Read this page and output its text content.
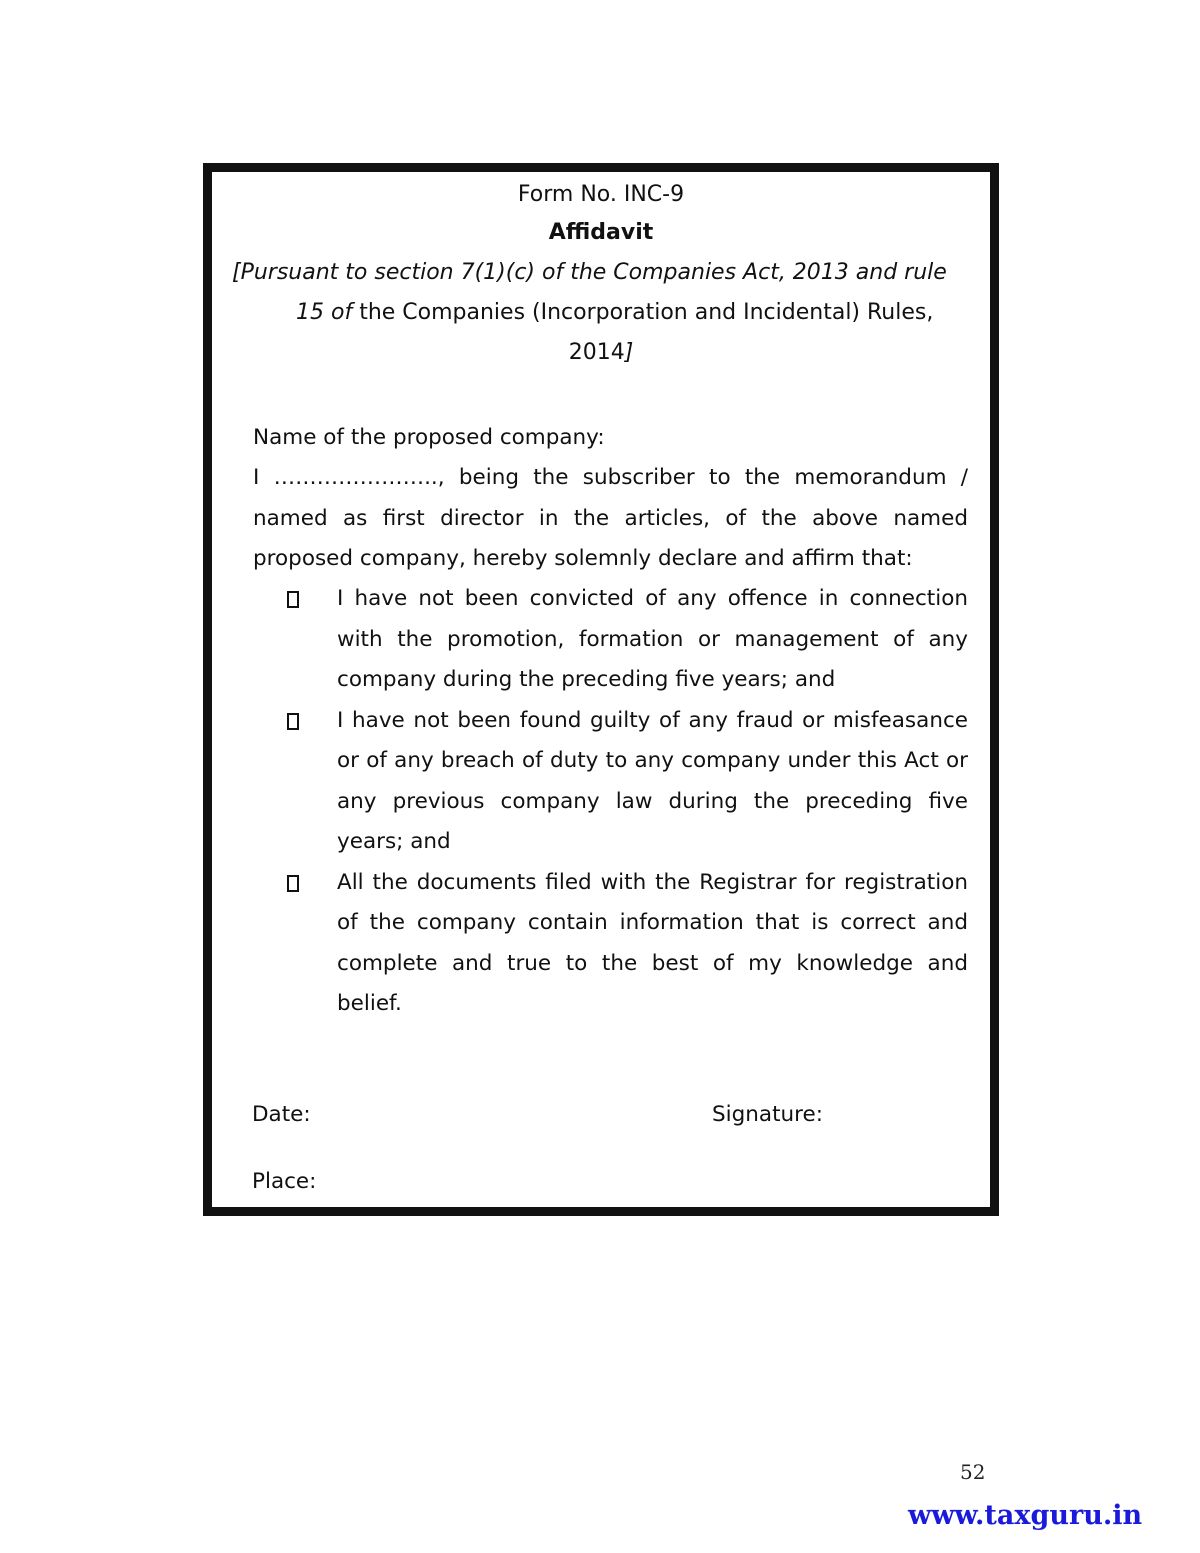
Form No. INC-9
Affidavit
[Pursuant to section 7(1)(c) of the Companies Act, 2013 and rule
15 of the Companies (Incorporation and Incidental) Rules,
2014]
Name of the proposed company:
I ………………….., being the subscriber to the memorandum / named as first director in the articles, of the above named proposed company, hereby solemnly declare and affirm that:
I have not been convicted of any offence in connection with the promotion, formation or management of any company during the preceding five years; and
I have not been found guilty of any fraud or misfeasance or of any breach of duty to any company under this Act or any previous company law during the preceding five years; and
All the documents filed with the Registrar for registration of the company contain information that is correct and complete and true to the best of my knowledge and belief.
Date:	Signature:
Place:
52
www.taxguru.in
